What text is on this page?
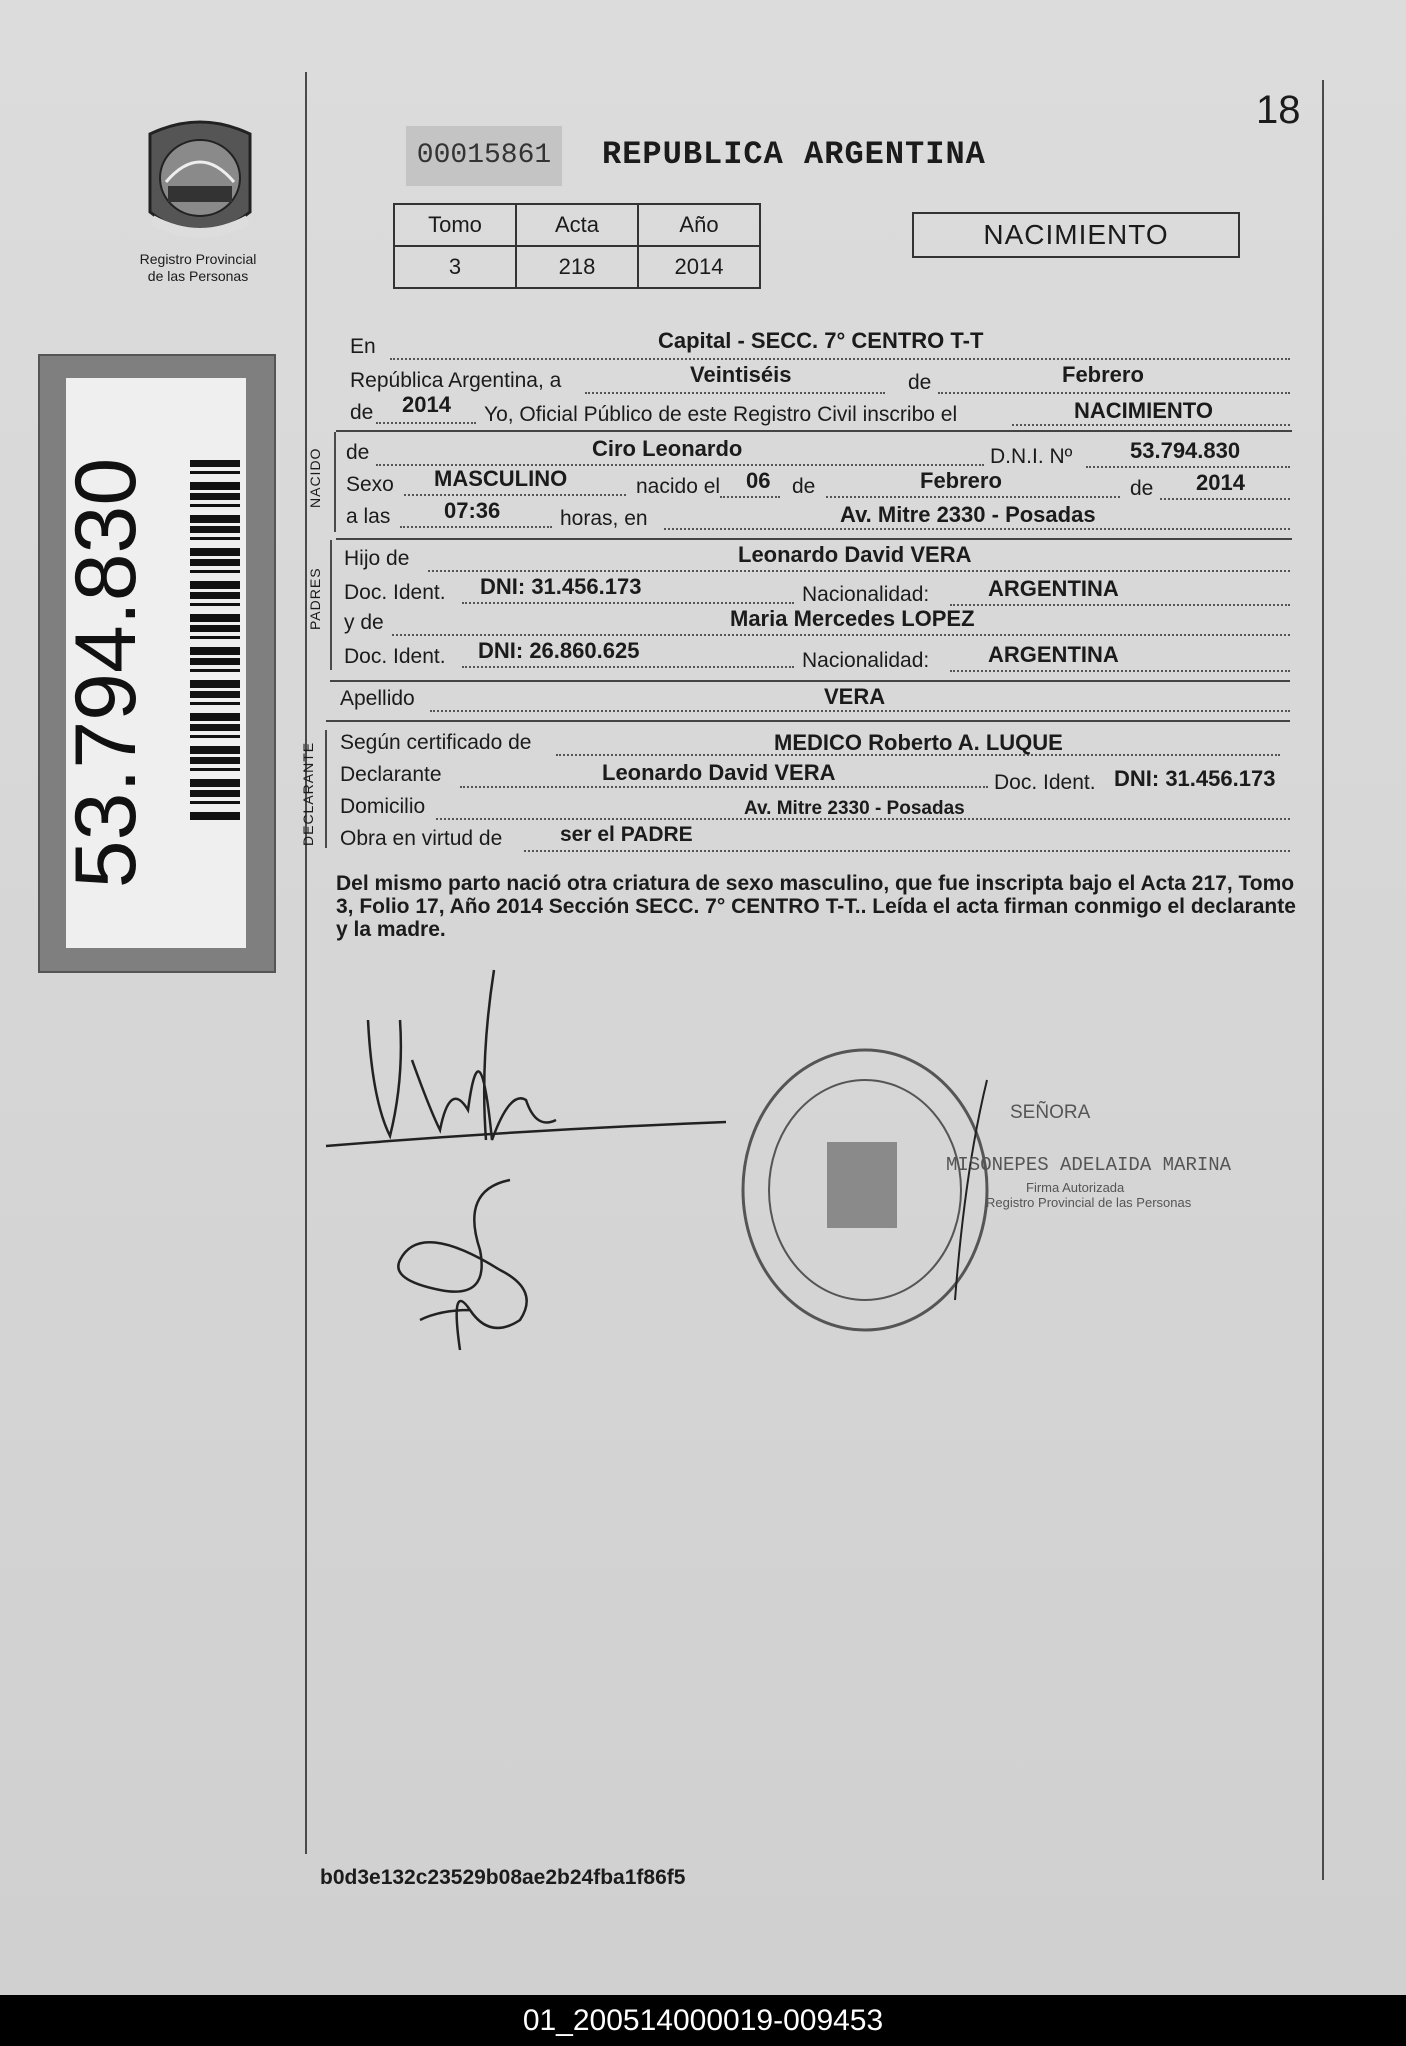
18
Registro Provincial
de las Personas
53.794.830
00015861	REPUBLICA ARGENTINA
Tomo	Acta	Año
3	218	2014
NACIMIENTO
NACIDO
PADRES
DECLARANTE
En	Capital - SECC. 7° CENTRO T-T
República Argentina, a	Veintiséis	de	Febrero
de 2014 Yo, Oficial Público de este Registro Civil inscribo el	NACIMIENTO
de	Ciro Leonardo	D.N.I. Nº	53.794.830
Sexo MASCULINO	nacido el 06 de	Febrero	de 2014
a las 07:36	horas, en	Av. Mitre 2330 - Posadas
Hijo de	Leonardo David VERA
Doc. Ident. DNI: 31.456.173	Nacionalidad:	ARGENTINA
y de	Maria Mercedes LOPEZ
Doc. Ident. DNI: 26.860.625	Nacionalidad:	ARGENTINA
Apellido	VERA
Según certificado de	MEDICO Roberto A. LUQUE
Declarante	Leonardo David VERA	Doc. Ident. DNI: 31.456.173
Domicilio	Av. Mitre 2330 - Posadas
Obra en virtud de	ser el PADRE
Del mismo parto nació otra criatura de sexo masculino, que fue inscripta bajo el Acta 217, Tomo 3, Folio 17, Año 2014 Sección SECC. 7° CENTRO T-T.. Leída el acta firman conmigo el declarante y la madre.
SEÑORA
MISONEPES ADELAIDA MARINA
Firma Autorizada
Registro Provincial de las Personas
b0d3e132c23529b08ae2b24fba1f86f5
01_200514000019-009453
